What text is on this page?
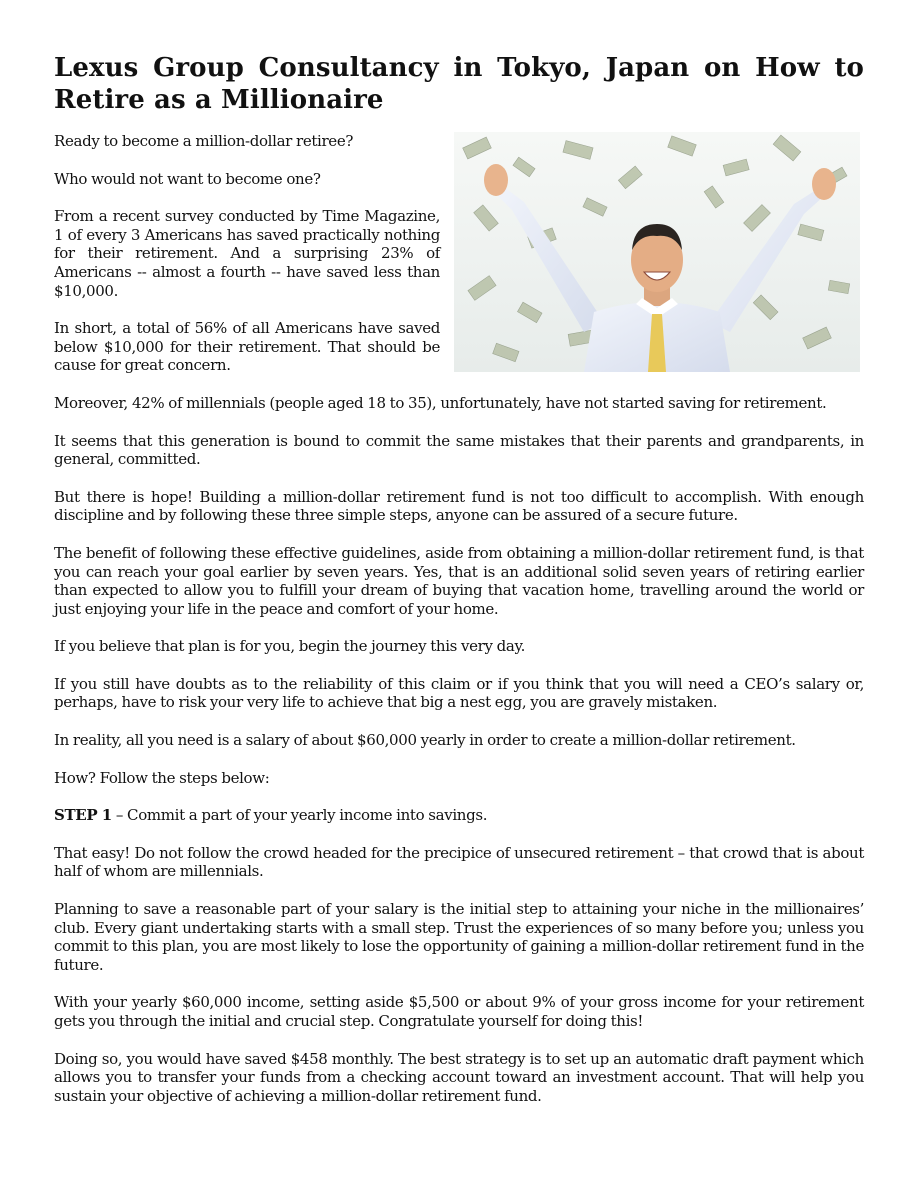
Lexus Group Consultancy in Tokyo, Japan on How to Retire as a Millionaire

Ready to become a million-dollar retiree?

Who would not want to become one?

From a recent survey conducted by Time Magazine, 1 of every 3 Americans has saved practically nothing for their retirement. And a surprising 23% of Americans -- almost a fourth -- have saved less than $10,000.

In short, a total of 56% of all Americans have saved below $10,000 for their retirement. That should be cause for great concern.

Moreover, 42% of millennials (people aged 18 to 35), unfortunately, have not started saving for retirement.

It seems that this generation is bound to commit the same mistakes that their parents and grandparents, in general, committed.

But there is hope! Building a million-dollar retirement fund is not too difficult to accomplish. With enough discipline and by following these three simple steps, anyone can be assured of a secure future.

The benefit of following these effective guidelines, aside from obtaining a million-dollar retirement fund, is that you can reach your goal earlier by seven years. Yes, that is an additional solid seven years of retiring earlier than expected to allow you to fulfill your dream of buying that vacation home, travelling around the world or just enjoying your life in the peace and comfort of your home.

If you believe that plan is for you, begin the journey this very day.

If you still have doubts as to the reliability of this claim or if you think that you will need a CEO’s salary or, perhaps, have to risk your very life to achieve that big a nest egg, you are gravely mistaken.

In reality, all you need is a salary of about $60,000 yearly in order to create a million-dollar retirement.

How? Follow the steps below:

STEP 1 – Commit a part of your yearly income into savings.

That easy! Do not follow the crowd headed for the precipice of unsecured retirement – that crowd that is about half of whom are millennials.

Planning to save a reasonable part of your salary is the initial step to attaining your niche in the millionaires’ club. Every giant undertaking starts with a small step. Trust the experiences of so many before you; unless you commit to this plan, you are most likely to lose the opportunity of gaining a million-dollar retirement fund in the future.

With your yearly $60,000 income, setting aside $5,500 or about 9% of your gross income for your retirement gets you through the initial and crucial step. Congratulate yourself for doing this!

Doing so, you would have saved $458 monthly. The best strategy is to set up an automatic draft payment which allows you to transfer your funds from a checking account toward an investment account. That will help you sustain your objective of achieving a million-dollar retirement fund.
